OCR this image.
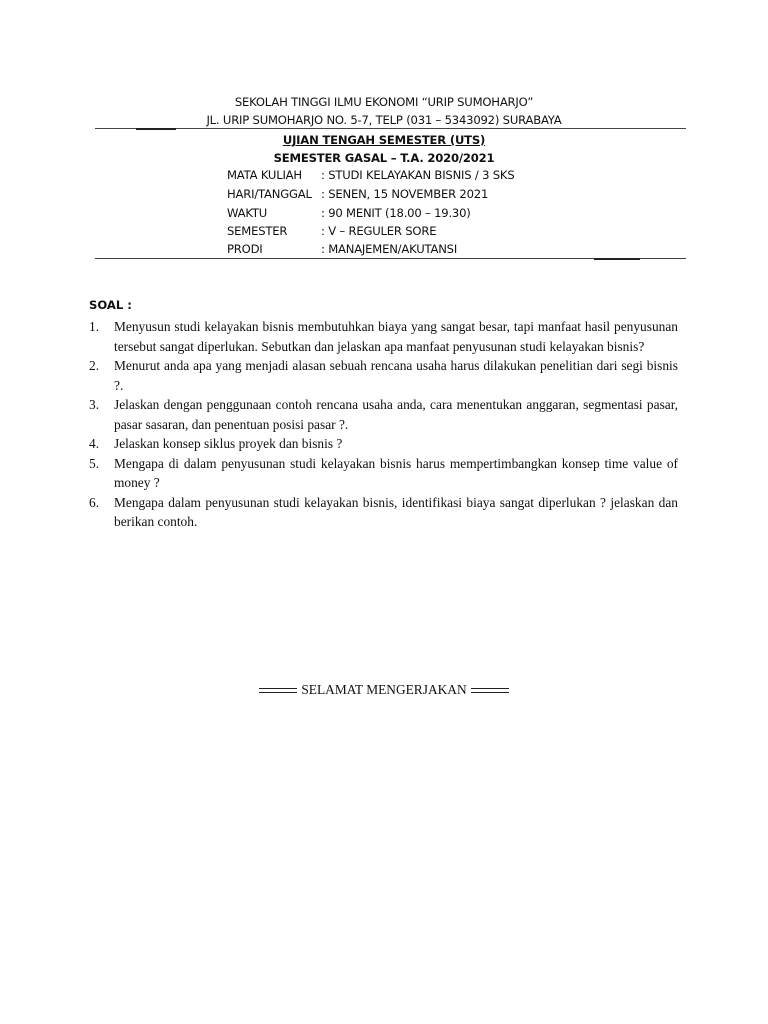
SEKOLAH TINGGI ILMU EKONOMI “URIP SUMOHARJO”
JL. URIP SUMOHARJO NO. 5-7, TELP (031 – 5343092) SURABAYA
UJIAN TENGAH SEMESTER (UTS)
SEMESTER GASAL – T.A. 2020/2021
MATA KULIAH : STUDI KELAYAKAN BISNIS / 3 SKS
HARI/TANGGAL : SENEN, 15 NOVEMBER 2021
WAKTU	: 90 MENIT (18.00 – 19.30)
SEMESTER	: V – REGULER SORE
PRODI	: MANAJEMEN/AKUTANSI
SOAL :
1. Menyusun studi kelayakan bisnis membutuhkan biaya yang sangat besar, tapi manfaat hasil penyusunan tersebut sangat diperlukan. Sebutkan dan jelaskan apa manfaat penyusunan studi kelayakan bisnis?
2. Menurut anda apa yang menjadi alasan sebuah rencana usaha harus dilakukan penelitian dari segi bisnis ?.
3. Jelaskan dengan penggunaan contoh rencana usaha anda, cara menentukan anggaran, segmentasi pasar, pasar sasaran, dan penentuan posisi pasar ?.
4. Jelaskan konsep siklus proyek dan bisnis ?
5. Mengapa di dalam penyusunan studi kelayakan bisnis harus mempertimbangkan konsep time value of money ?
6. Mengapa dalam penyusunan studi kelayakan bisnis, identifikasi biaya sangat diperlukan ? jelaskan dan berikan contoh.
SELAMAT MENGERJAKAN
